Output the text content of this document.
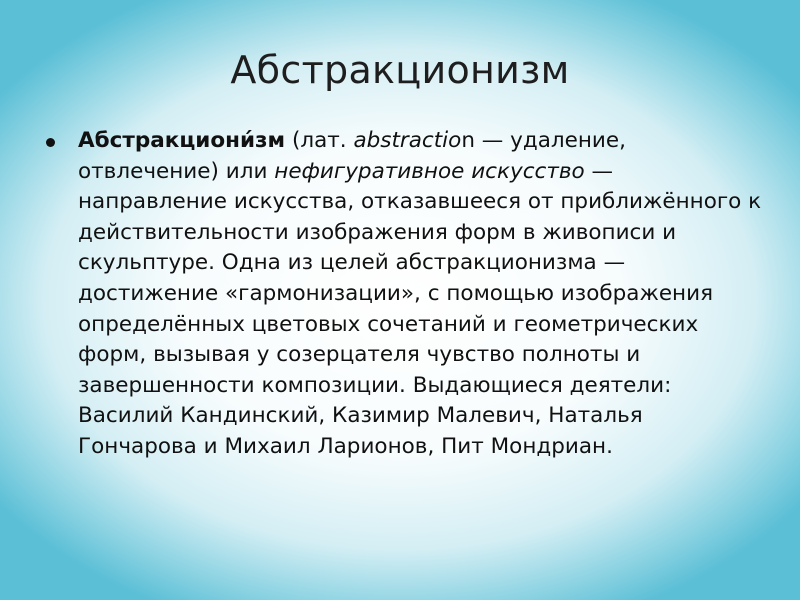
Абстракционизм
Абстракциони́зм (лат. abstraction — удаление, отвлечение) или нефигуративное искусство — направление искусства, отказавшееся от приближённого к действительности изображения форм в живописи и скульптуре. Одна из целей абстракционизма — достижение «гармонизации», с помощью изображения определённых цветовых сочетаний и геометрических форм, вызывая у созерцателя чувство полноты и завершенности композиции. Выдающиеся деятели: Василий Кандинский, Казимир Малевич, Наталья Гончарова и Михаил Ларионов, Пит Мондриан.
